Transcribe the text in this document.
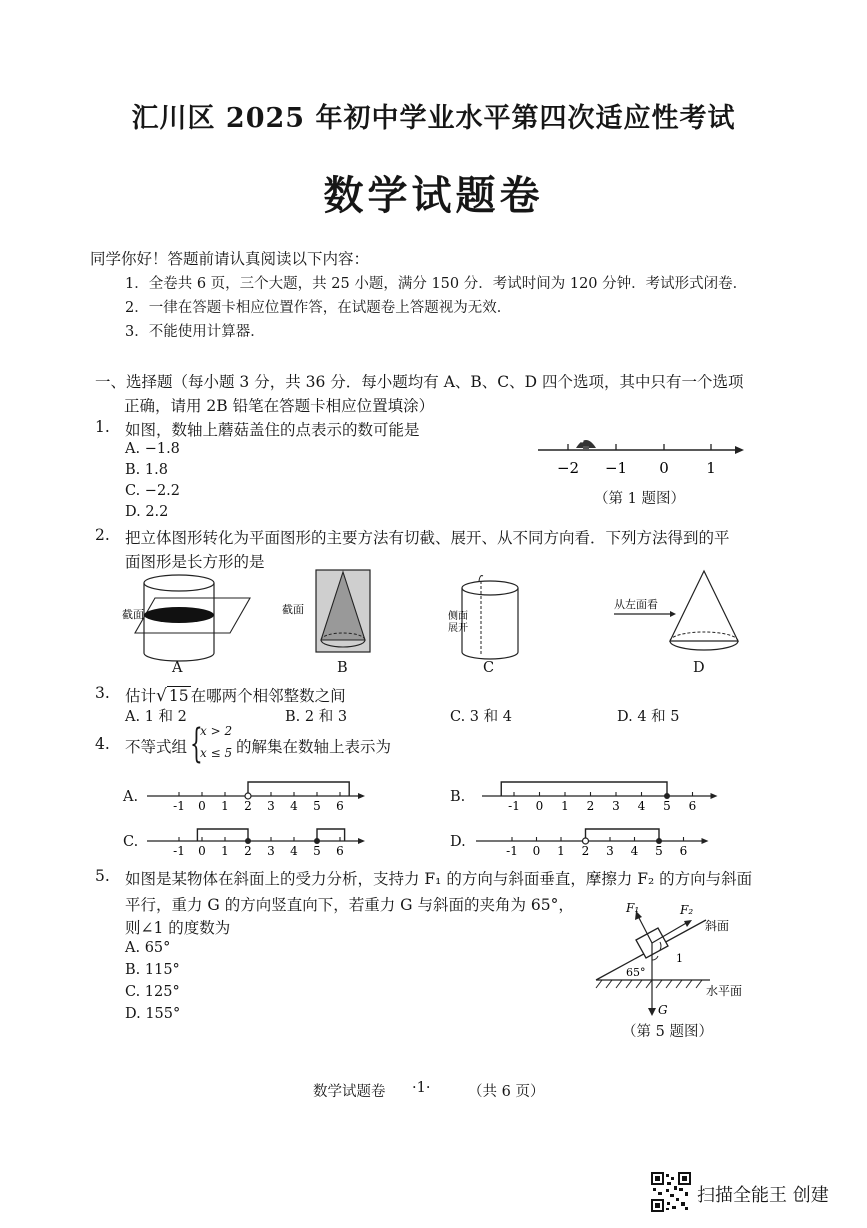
汇川区 2025 年初中学业水平第四次适应性考试
数学试题卷
同学你好！答题前请认真阅读以下内容：
1．全卷共 6 页，三个大题，共 25 小题，满分 150 分．考试时间为 120 分钟．考试形式闭卷．
2．一律在答题卡相应位置作答，在试题卷上答题视为无效．
3．不能使用计算器．
一、选择题（每小题 3 分，共 36 分．每小题均有 A、B、C、D 四个选项，其中只有一个选项
正确，请用 2B 铅笔在答题卡相应位置填涂）
1. 如图，数轴上蘑菇盖住的点表示的数可能是
A. −1.8
B. 1.8
C. −2.2
D. 2.2
−2 −1 0 1
（第 1 题图）
2. 把立体图形转化为平面图形的主要方法有切截、展开、从不同方向看．下列方法得到的平
面图形是长方形的是
截面
A
截面
B
侧面
展开
C
从左面看
D
3. 估计√ 15 在哪两个相邻整数之间
A. 1 和 2	B. 2 和 3	C. 3 和 4	D. 4 和 5
4. 不等式组 {
x > 2
x ≤ 5 的解集在数轴上表示为
A.
-1 0 1 2 3 4 5 6
B.
-1 0 1 2 3 4 5 6
C.
-1 0 1 2 3 4 5 6
D.
-1 0 1 2 3 4 5 6
5. 如图是某物体在斜面上的受力分析，支持力 F₁ 的方向与斜面垂直，摩擦力 F₂ 的方向与斜面
平行，重力 G 的方向竖直向下，若重力 G 与斜面的夹角为 65°，
则∠1 的度数为
A. 65°
B. 115°
C. 125°
D. 155°
F₁	F₂
斜面
1
65°
水平面
G
（第 5 题图）
数学试题卷 ·1·	（共 6 页）
扫描全能王 创建
